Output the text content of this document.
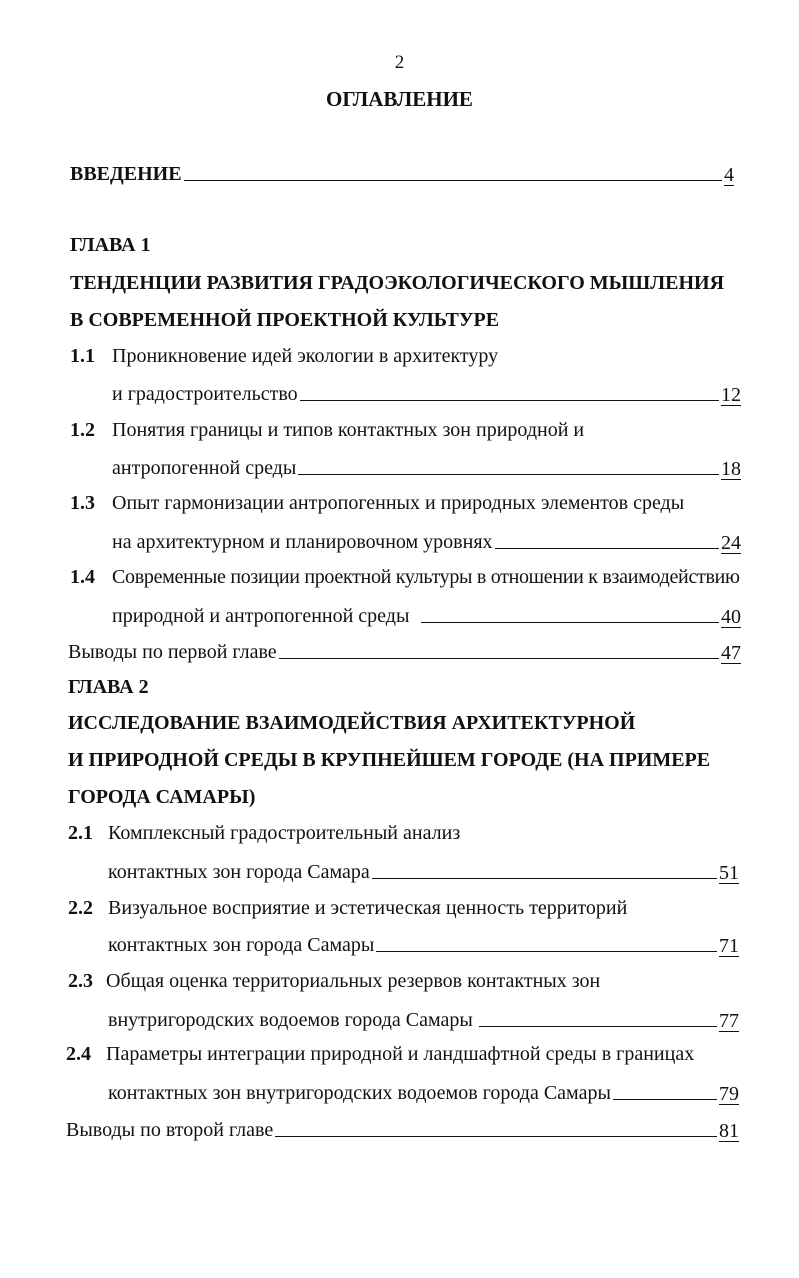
2
ОГЛАВЛЕНИЕ
ВВЕДЕНИЕ	4
ГЛАВА 1
ТЕНДЕНЦИИ РАЗВИТИЯ ГРАДОЭКОЛОГИЧЕСКОГО МЫШЛЕНИЯ
В СОВРЕМЕННОЙ ПРОЕКТНОЙ КУЛЬТУРЕ
1.1 Проникновение идей экологии в архитектуру
и градостроительство	12
1.2 Понятия границы и типов контактных зон природной и
антропогенной среды	18
1.3 Опыт гармонизации антропогенных и природных элементов среды
на архитектурном и планировочном уровнях	24
1.4 Современные позиции проектной культуры в отношении к взаимодействию
природной и антропогенной среды	40
Выводы по первой главе	47
ГЛАВА 2
ИССЛЕДОВАНИЕ ВЗАИМОДЕЙСТВИЯ АРХИТЕКТУРНОЙ
И ПРИРОДНОЙ СРЕДЫ В КРУПНЕЙШЕМ ГОРОДЕ (НА ПРИМЕРЕ
ГОРОДА САМАРЫ)
2.1 Комплексный градостроительный анализ
контактных зон города Самара	51
2.2 Визуальное восприятие и эстетическая ценность территорий
контактных зон города Самары	71
2.3 Общая оценка территориальных резервов контактных зон
внутригородских водоемов города Самары	77
2.4 Параметры интеграции природной и ландшафтной среды в границах
контактных зон внутригородских водоемов города Самары	79
Выводы по второй главе	81
